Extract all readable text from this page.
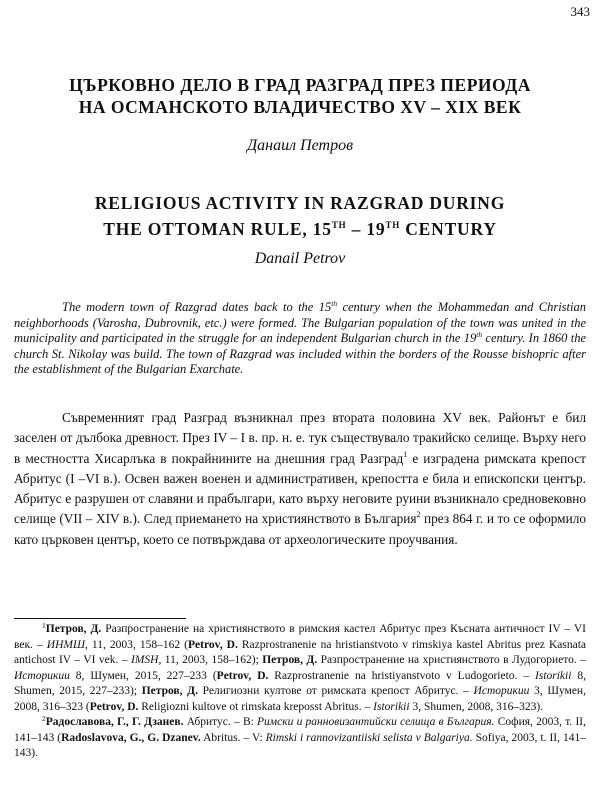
343
ЦЪРКОВНО ДЕЛО В ГРАД РАЗГРАД ПРЕЗ ПЕРИОДА
НА ОСМАНСКОТО ВЛАДИЧЕСТВО XV – XIX ВЕК
Данаил Петров
RELIGIOUS ACTIVITY IN RAZGRAD DURING
THE OTTOMAN RULE, 15TH – 19TH CENTURY
Danail Petrov

The modern town of Razgrad dates back to the 15th century when the Mohammedan and Christian neighborhoods (Varosha, Dubrovnik, etc.) were formed. The Bulgarian population of the town was united in the municipality and participated in the struggle for an independent Bulgarian church in the 19th century. In 1860 the church St. Nikolay was build. The town of Razgrad was included within the borders of the Rousse bishopric after the establishment of the Bulgarian Exarchate.

Съвременният град Разград възникнал през втората половина XV век. Районът е бил заселен от дълбока древност. През IV – I в. пр. н. е. тук съществувало тракийско селище. Върху него в местността Хисарлъка в покрайнините на днешния град Разград$^1$ е изградена римската крепост Абритус (I –VI в.). Освен важен военен и административен, крепостта е била и епископски център. Абритус е разрушен от славяни и прабългари, като върху неговите руини възникнало средновековно селище (VII – XIV в.). След приемането на християнството в България$^2$ през 864 г. и то се оформило като църковен център, което се потвърждава от археологическите проучвания.

$^1$Петров, Д. Разпространение на християнството в римския кастел Абритус през Късната античност IV – VI век. – ИНМШ, 11, 2003, 158–162 (Petrov, D. Razprostranenie na hristianstvoto v rimskiya kastel Abritus prez Kasnata antichost IV – VI vek. – IMSH, 11, 2003, 158–162); Петров, Д. Разпространение на християнството в Лудогорието. – Историкии 8, Шумен, 2015, 227–233 (Petrov, D. Razprostranenie na hristiyanstvoto v Ludogorieto. – Istorikii 8, Shumen, 2015, 227–233); Петров, Д. Религиозни култове от римската крепост Абритус. – Историкии 3, Шумен, 2008, 316–323 (Petrov, D. Religiozni kultove ot rimskata kreposst Abritus. – Istorikii 3, Shumen, 2008, 316–323).

$^2$Радославова, Г., Г. Дзанев. Абритус. – В: Римски и ранновизантийски селища в България. София, 2003, т. II, 141–143 (Radoslavova, G., G. Dzanev. Abritus. – V: Rimski i rannovizantiiski selista v Balgariya. Sofiya, 2003, t. II, 141–143).
